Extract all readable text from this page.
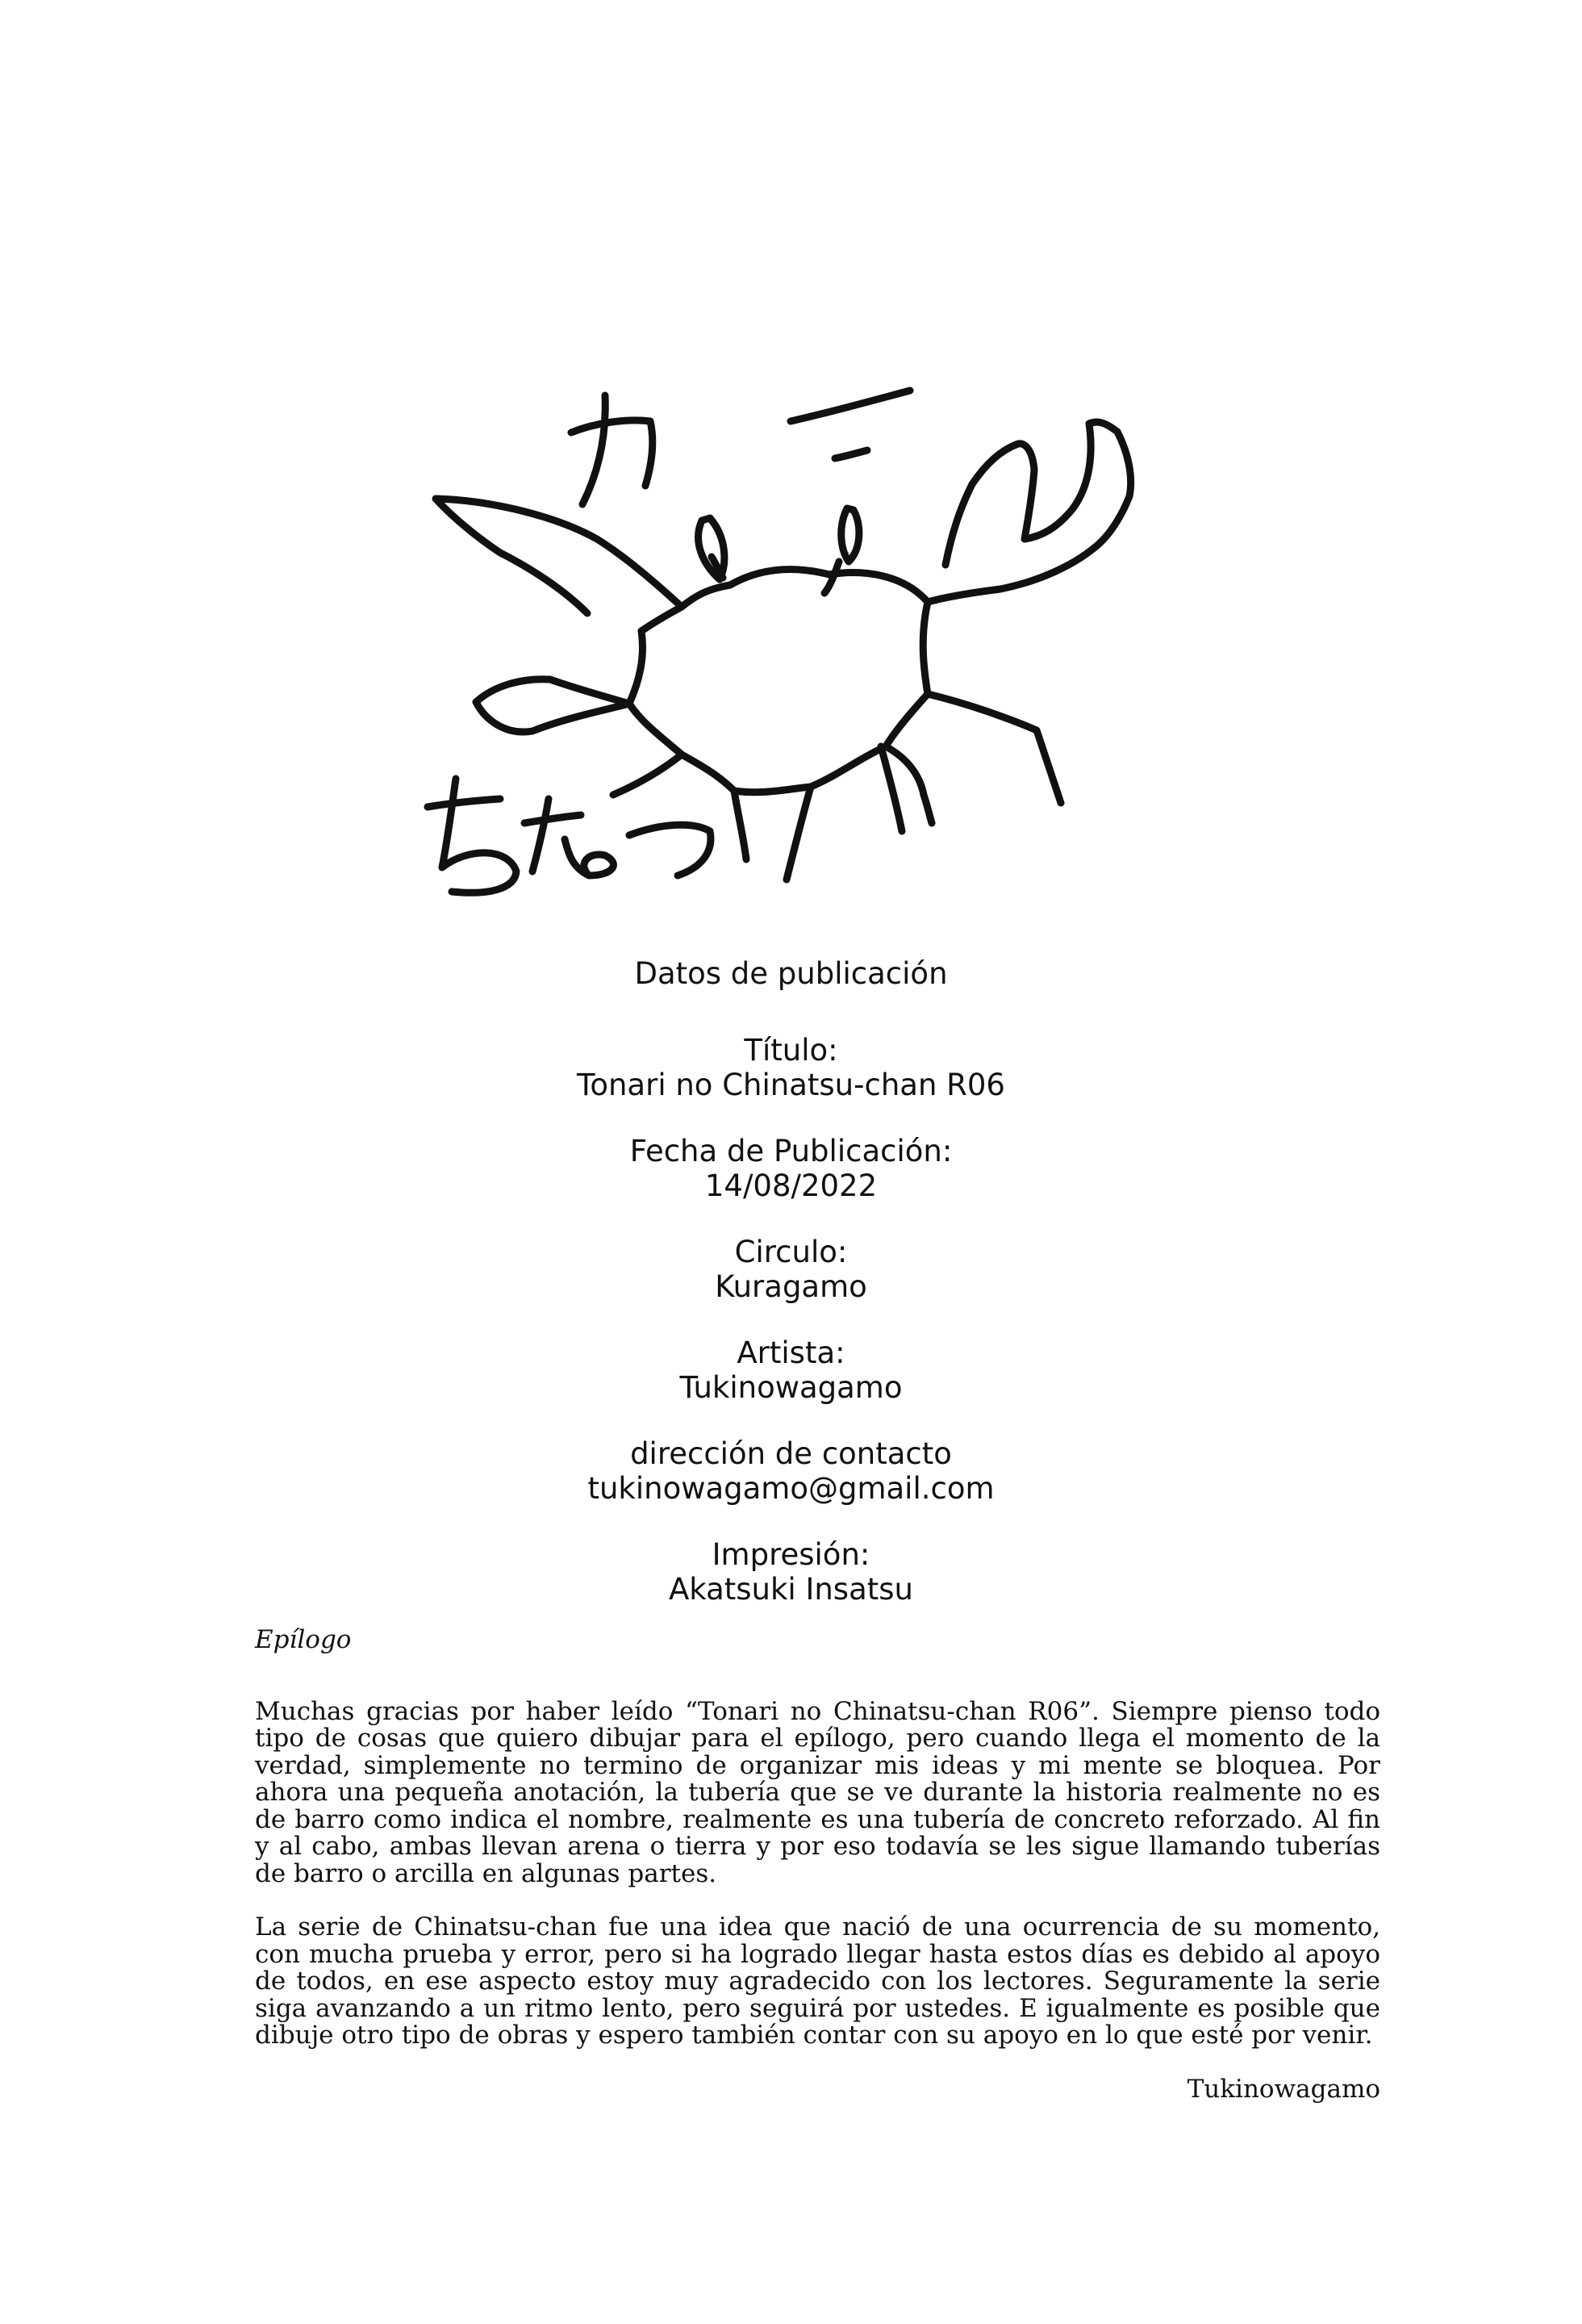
Datos de publicación
Título:
Tonari no Chinatsu-chan R06
Fecha de Publicación:
14/08/2022
Circulo:
Kuragamo
Artista:
Tukinowagamo
dirección de contacto
tukinowagamo@gmail.com
Impresión:
Akatsuki Insatsu
Epílogo

Muchas gracias por haber leído “Tonari no Chinatsu-chan R06”. Siempre pienso todo tipo de cosas que quiero dibujar para el epílogo, pero cuando llega el momento de la verdad, simplemente no termino de organizar mis ideas y mi mente se bloquea. Por ahora una pequeña anotación, la tubería que se ve durante la historia realmente no es de barro como indica el nombre, realmente es una tubería de concreto reforzado. Al fin y al cabo, ambas llevan arena o tierra y por eso todavía se les sigue llamando tuberías de barro o arcilla en algunas partes.

La serie de Chinatsu-chan fue una idea que nació de una ocurrencia de su momento, con mucha prueba y error, pero si ha logrado llegar hasta estos días es debido al apoyo de todos, en ese aspecto estoy muy agradecido con los lectores. Seguramente la serie siga avanzando a un ritmo lento, pero seguirá por ustedes. E igualmente es posible que dibuje otro tipo de obras y espero también contar con su apoyo en lo que esté por venir.

Tukinowagamo
